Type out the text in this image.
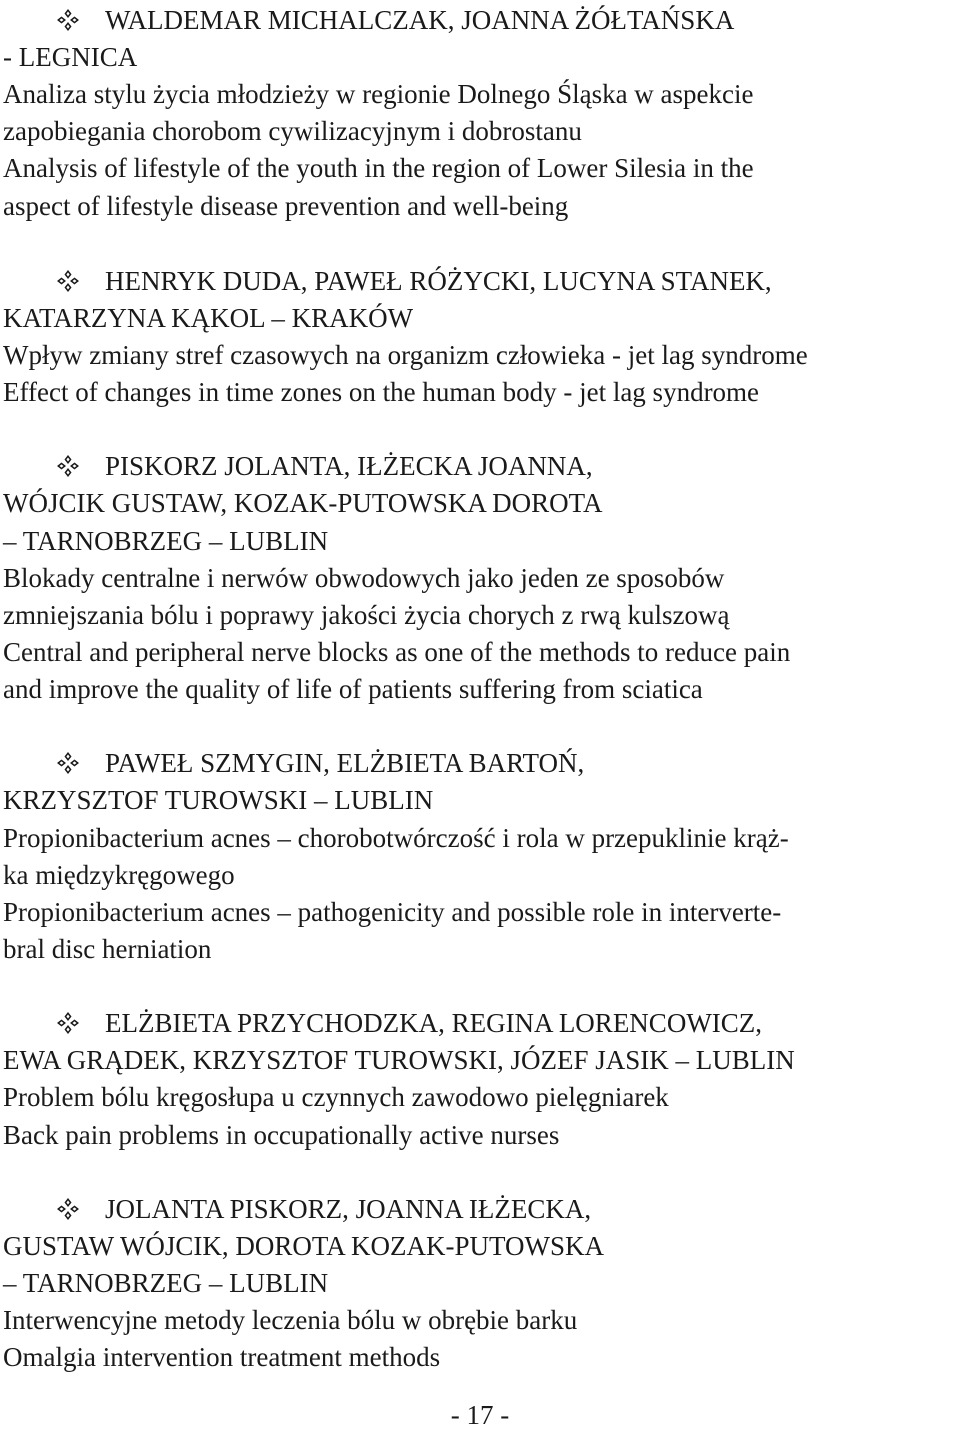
WALDEMAR MICHALCZAK, JOANNA ŻÓŁTAŃSKA
- LEGNICA
Analiza stylu życia młodzieży w regionie Dolnego Śląska w aspekcie
zapobiegania chorobom cywilizacyjnym i dobrostanu
Analysis of lifestyle of the youth in the region of Lower Silesia in the
aspect of lifestyle disease prevention and well-being
HENRYK DUDA, PAWEŁ RÓŻYCKI, LUCYNA STANEK,
KATARZYNA KĄKOL – KRAKÓW
Wpływ zmiany stref czasowych na organizm człowieka - jet lag syndrome
Effect of changes in time zones on the human body - jet lag syndrome
PISKORZ JOLANTA, IŁŻECKA JOANNA,
WÓJCIK GUSTAW, KOZAK-PUTOWSKA DOROTA
– TARNOBRZEG – LUBLIN
Blokady centralne i nerwów obwodowych jako jeden ze sposobów
zmniejszania bólu i poprawy jakości życia chorych z rwą kulszową
Central and peripheral nerve blocks as one of the methods to reduce pain
and improve the quality of life of patients suffering from sciatica
PAWEŁ SZMYGIN, ELŻBIETA BARTOŃ,
KRZYSZTOF TUROWSKI – LUBLIN
Propionibacterium acnes – chorobotwórczość i rola w przepuklinie krąż-
ka międzykręgowego
Propionibacterium acnes – pathogenicity and possible role in interverte-
bral disc herniation
ELŻBIETA PRZYCHODZKA, REGINA LORENCOWICZ,
EWA GRĄDEK, KRZYSZTOF TUROWSKI, JÓZEF JASIK – LUBLIN
Problem bólu kręgosłupa u czynnych zawodowo pielęgniarek
Back pain problems in occupationally active nurses
JOLANTA PISKORZ, JOANNA IŁŻECKA,
GUSTAW WÓJCIK, DOROTA KOZAK-PUTOWSKA
– TARNOBRZEG – LUBLIN
Interwencyjne metody leczenia bólu w obrębie barku
Omalgia intervention treatment methods
- 17 -
